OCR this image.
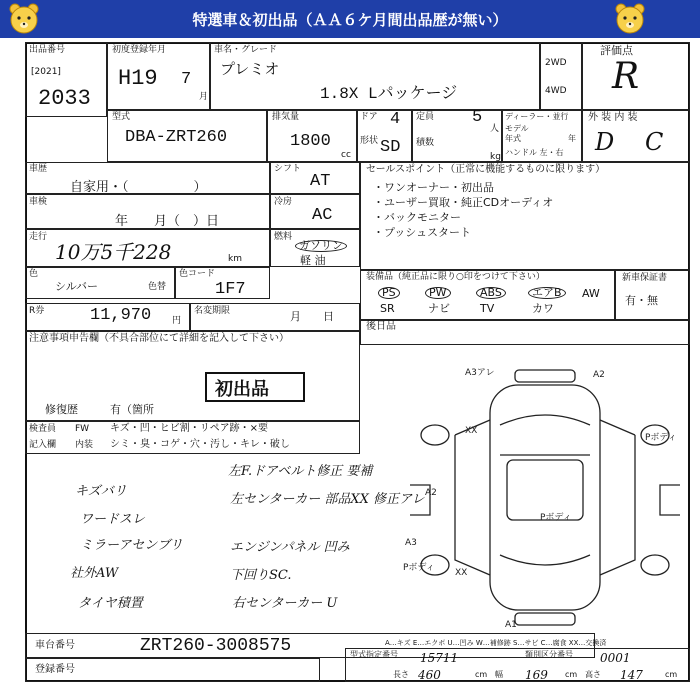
特選車＆初出品（ＡＡ６ケ月間出品歴が無い）
出品番号
[2021]
2033
初度登録年月
H19 7
月
車名・グレード
プレミオ
1.8X Lパッケージ
2WD
4WD
評価点
R
型式
DBA-ZRT260
排気量
1800
cc
ドア 4
形状 SD
定員 5
人
積数
kg
ディーラー・並行
モデル
年式	年
ハンドル 左・右
外 装 内 装
D C
車歴
自家用・（　　　　　）
シフト
AT
車検
年　　月（　）日
冷房
AC
走行
10万5千228	km
燃料
ガソリン
軽 油
色
シルバー	色替
色コード
1F7
R券	11,970 円
名変期限	月　　日
注意事項申告欄（不具合部位にて詳細を記入して下さい）
初出品
修復歴	有（箇所
検査員
記入欄
FW
内装
キズ・凹・ヒビ割・リペア跡・×要
シミ・臭・コゲ・穴・汚し・キレ・破し
セールスポイント（正常に機能するものに限ります）
・ワンオーナー・初出品
・ユーザー買取・純正CDオーディオ
・バックモニター
・プッシュスタート
装備品（純正品に限り○印をつけて下さい）
PS	PW	ABS	エアB	AW
SR	ナビ	TV	カワ
新車保証書
有・無
後日品
左F.ドアベルト修正 要補
左センターカー 部品XX 修正アレ
エンジンパネル 凹み
下回りSC.
右センターカー U
キズバリ
ワードスレ
ミラーアセンブリ
社外AW
タイヤ積置
A3アレ	A2
XX
Pボディ
A2
Pボディ
A3
Pボディ
A1
XX
車台番号	ZRT260-3008575
登録番号
A…キズ E…エクボ U…凹み W…補修跡 S…サビ C…腐食 XX…交換済
型式指定番号 15711	類別区分番号 0001
長さ 460	cm 幅 169 cm 高さ 147	cm
